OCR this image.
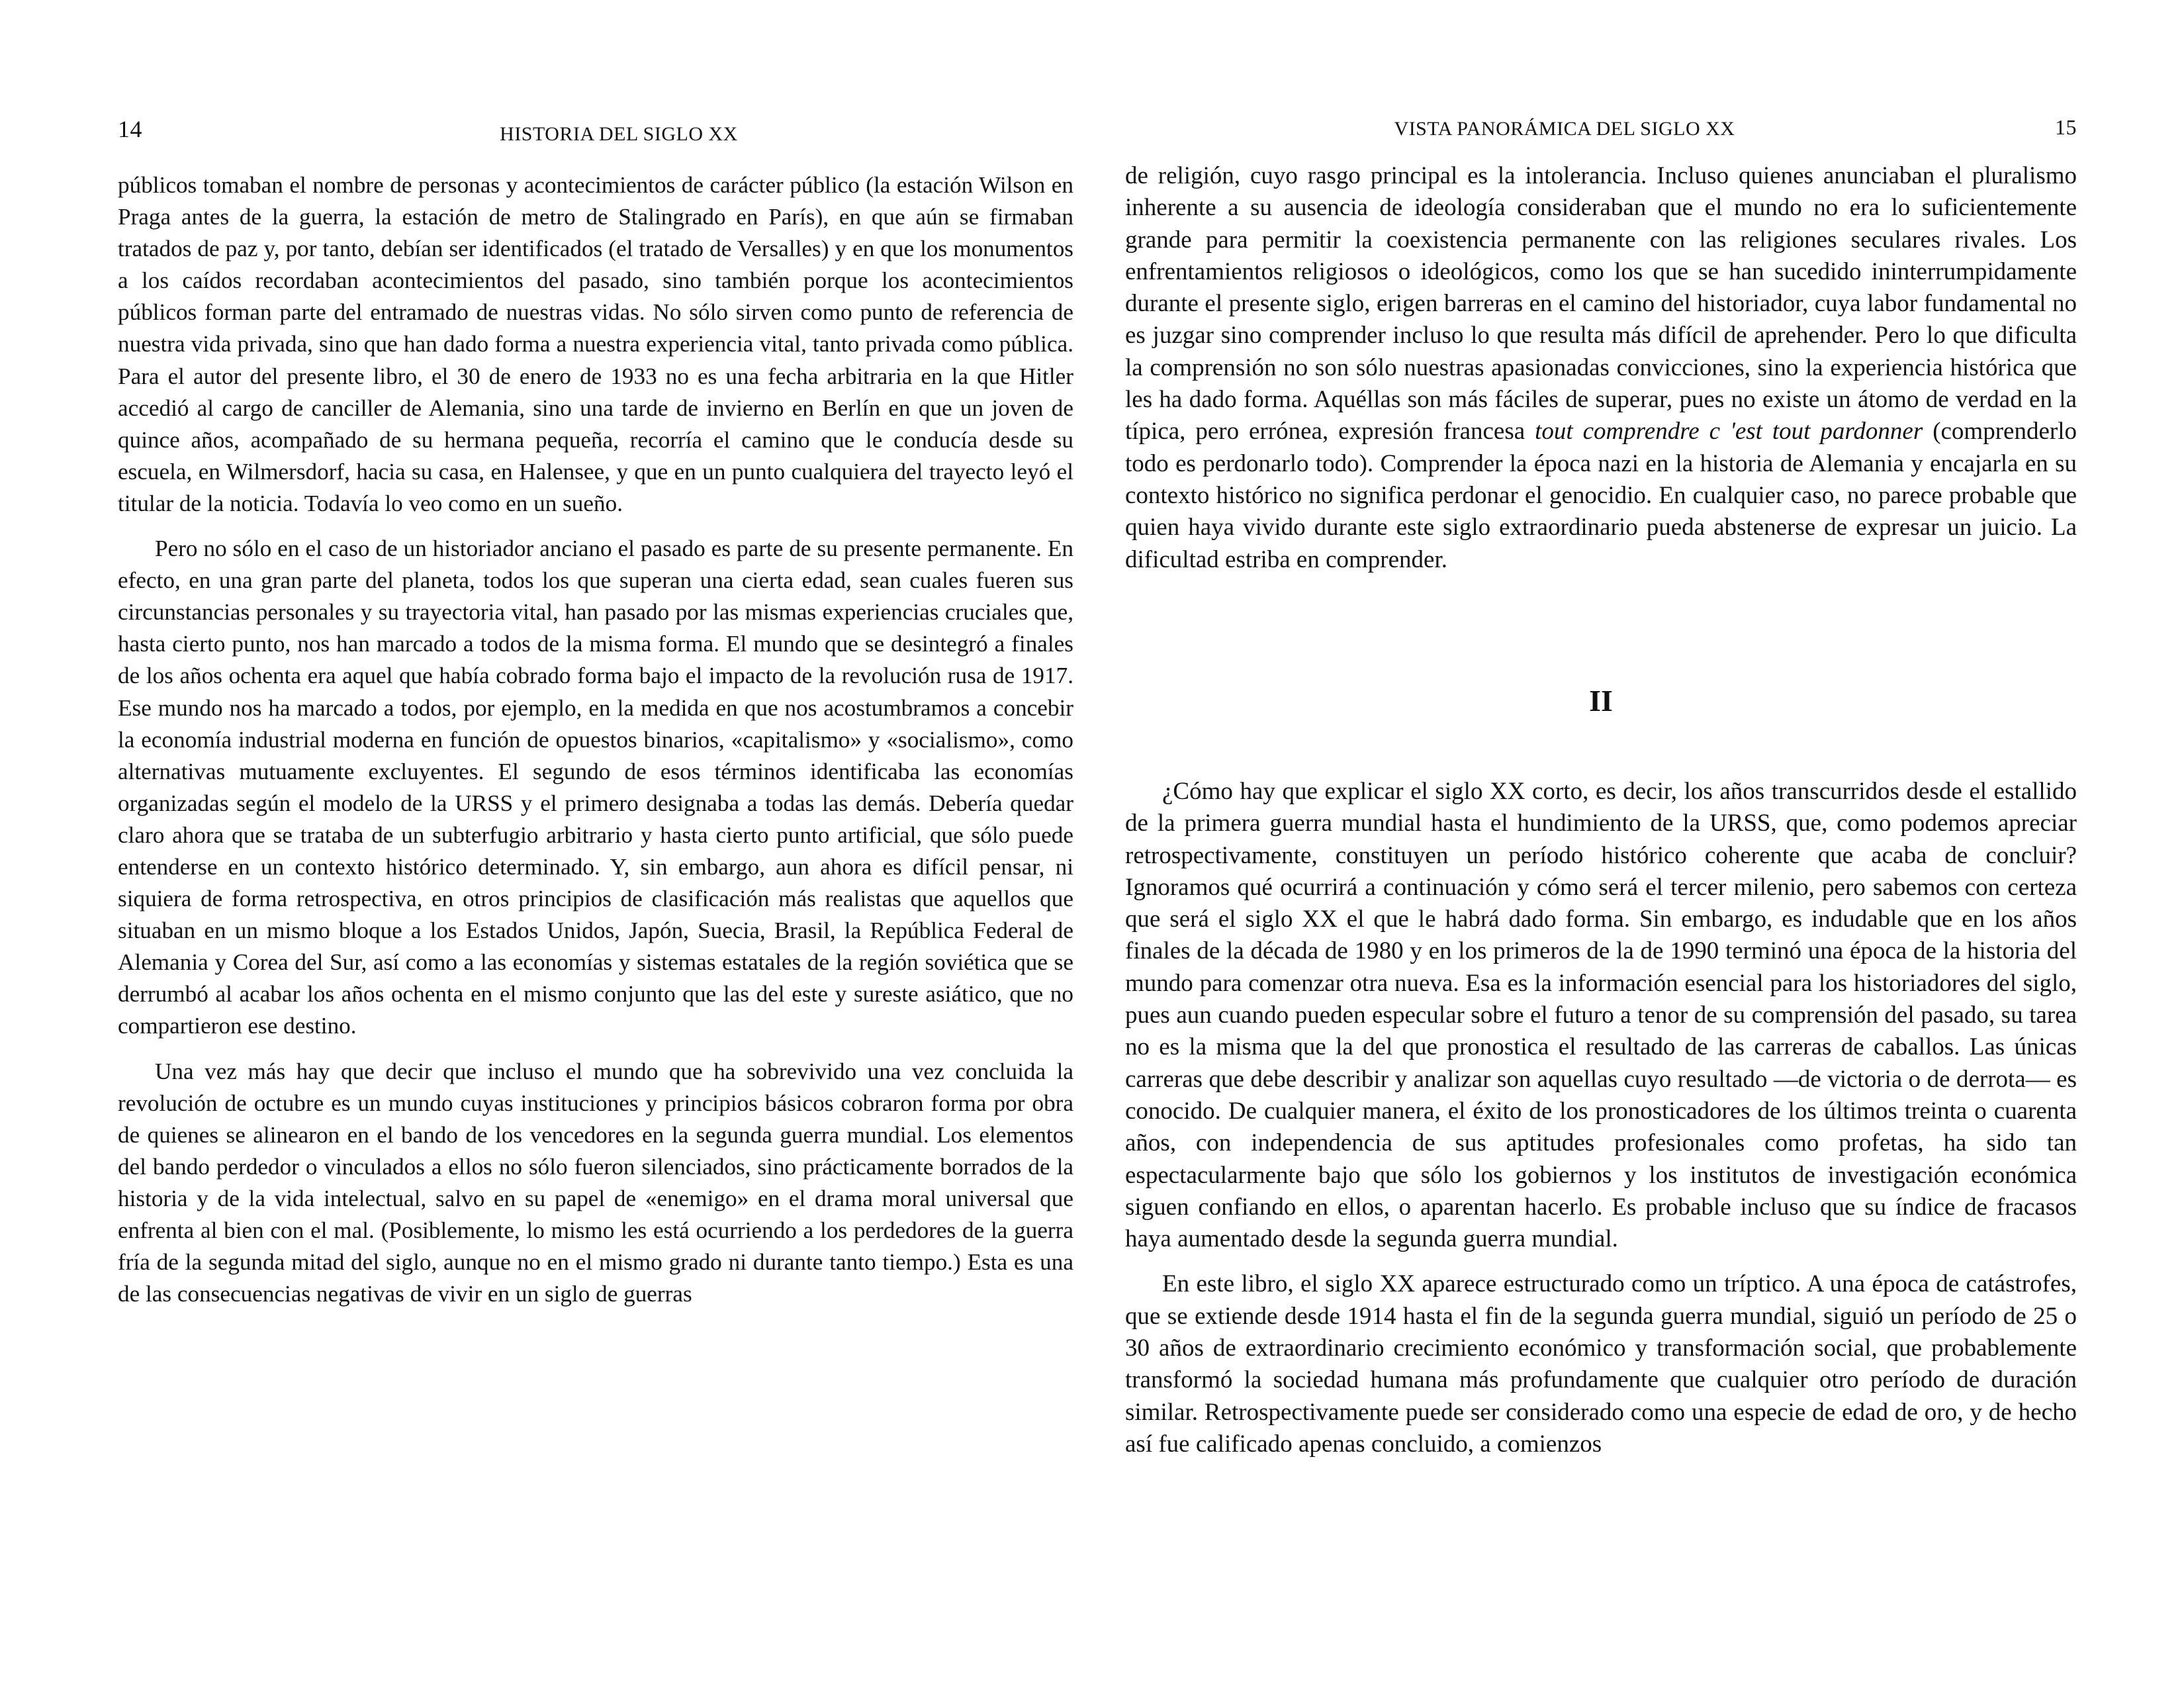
14	HISTORIA DEL SIGLO XX

públicos tomaban el nombre de personas y acontecimientos de carácter público (la estación Wilson en Praga antes de la guerra, la estación de metro de Stalingrado en París), en que aún se firmaban tratados de paz y, por tanto, debían ser identificados (el tratado de Versalles) y en que los monumentos a los caídos recordaban acontecimientos del pasado, sino también porque los acontecimientos públicos forman parte del entramado de nuestras vidas. No sólo sirven como punto de referencia de nuestra vida privada, sino que han dado forma a nuestra experiencia vital, tanto privada como pública. Para el autor del presente libro, el 30 de enero de 1933 no es una fecha arbitraria en la que Hitler accedió al cargo de canciller de Alemania, sino una tarde de invierno en Berlín en que un joven de quince años, acompañado de su hermana pequeña, recorría el camino que le conducía desde su escuela, en Wilmersdorf, hacia su casa, en Halensee, y que en un punto cualquiera del trayecto leyó el titular de la noticia. Todavía lo veo como en un sueño.

Pero no sólo en el caso de un historiador anciano el pasado es parte de su presente permanente. En efecto, en una gran parte del planeta, todos los que superan una cierta edad, sean cuales fueren sus circunstancias personales y su trayectoria vital, han pasado por las mismas experiencias cruciales que, hasta cierto punto, nos han marcado a todos de la misma forma. El mundo que se desintegró a finales de los años ochenta era aquel que había cobrado forma bajo el impacto de la revolución rusa de 1917. Ese mundo nos ha marcado a todos, por ejemplo, en la medida en que nos acostumbramos a concebir la economía industrial moderna en función de opuestos binarios, «capitalismo» y «socialismo», como alternativas mutuamente excluyentes. El segundo de esos términos identificaba las economías organizadas según el modelo de la URSS y el primero designaba a todas las demás. Debería quedar claro ahora que se trataba de un subterfugio arbitrario y hasta cierto punto artificial, que sólo puede entenderse en un contexto histórico determinado. Y, sin embargo, aun ahora es difícil pensar, ni siquiera de forma retrospectiva, en otros principios de clasificación más realistas que aquellos que situaban en un mismo bloque a los Estados Unidos, Japón, Suecia, Brasil, la República Federal de Alemania y Corea del Sur, así como a las economías y sistemas estatales de la región soviética que se derrumbó al acabar los años ochenta en el mismo conjunto que las del este y sureste asiático, que no compartieron ese destino.

Una vez más hay que decir que incluso el mundo que ha sobrevivido una vez concluida la revolución de octubre es un mundo cuyas instituciones y principios básicos cobraron forma por obra de quienes se alinearon en el bando de los vencedores en la segunda guerra mundial. Los elementos del bando perdedor o vinculados a ellos no sólo fueron silenciados, sino prácticamente borrados de la historia y de la vida intelectual, salvo en su papel de «enemigo» en el drama moral universal que enfrenta al bien con el mal. (Posiblemente, lo mismo les está ocurriendo a los perdedores de la guerra fría de la segunda mitad del siglo, aunque no en el mismo grado ni durante tanto tiempo.) Esta es una de las consecuencias negativas de vivir en un siglo de guerras

VISTA PANORÁMICA DEL SIGLO XX	15

de religión, cuyo rasgo principal es la intolerancia. Incluso quienes anunciaban el pluralismo inherente a su ausencia de ideología consideraban que el mundo no era lo suficientemente grande para permitir la coexistencia permanente con las religiones seculares rivales. Los enfrentamientos religiosos o ideológicos, como los que se han sucedido ininterrumpidamente durante el presente siglo, erigen barreras en el camino del historiador, cuya labor fundamental no es juzgar sino comprender incluso lo que resulta más difícil de aprehender. Pero lo que dificulta la comprensión no son sólo nuestras apasionadas convicciones, sino la experiencia histórica que les ha dado forma. Aquéllas son más fáciles de superar, pues no existe un átomo de verdad en la típica, pero errónea, expresión francesa tout comprendre c 'est tout pardonner (comprenderlo todo es perdonarlo todo). Comprender la época nazi en la historia de Alemania y encajarla en su contexto histórico no significa perdonar el genocidio. En cualquier caso, no parece probable que quien haya vivido durante este siglo extraordinario pueda abstenerse de expresar un juicio. La dificultad estriba en comprender.

II

¿Cómo hay que explicar el siglo XX corto, es decir, los años transcurridos desde el estallido de la primera guerra mundial hasta el hundimiento de la URSS, que, como podemos apreciar retrospectivamente, constituyen un período histórico coherente que acaba de concluir? Ignoramos qué ocurrirá a continuación y cómo será el tercer milenio, pero sabemos con certeza que será el siglo XX el que le habrá dado forma. Sin embargo, es indudable que en los años finales de la década de 1980 y en los primeros de la de 1990 terminó una época de la historia del mundo para comenzar otra nueva. Esa es la información esencial para los historiadores del siglo, pues aun cuando pueden especular sobre el futuro a tenor de su comprensión del pasado, su tarea no es la misma que la del que pronostica el resultado de las carreras de caballos. Las únicas carreras que debe describir y analizar son aquellas cuyo resultado —de victoria o de derrota— es conocido. De cualquier manera, el éxito de los pronosticadores de los últimos treinta o cuarenta años, con independencia de sus aptitudes profesionales como profetas, ha sido tan espectacularmente bajo que sólo los gobiernos y los institutos de investigación económica siguen confiando en ellos, o aparentan hacerlo. Es probable incluso que su índice de fracasos haya aumentado desde la segunda guerra mundial.

En este libro, el siglo XX aparece estructurado como un tríptico. A una época de catástrofes, que se extiende desde 1914 hasta el fin de la segunda guerra mundial, siguió un período de 25 o 30 años de extraordinario crecimiento económico y transformación social, que probablemente transformó la sociedad humana más profundamente que cualquier otro período de duración similar. Retrospectivamente puede ser considerado como una especie de edad de oro, y de hecho así fue calificado apenas concluido, a comienzos
